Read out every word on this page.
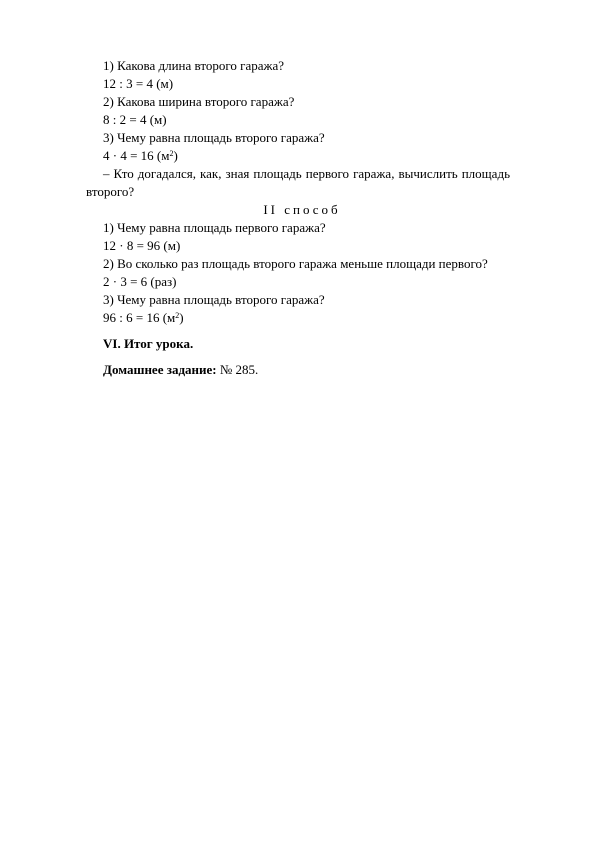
1) Какова длина второго гаража?
12 : 3 = 4 (м)
2) Какова ширина второго гаража?
8 : 2 = 4 (м)
3) Чему равна площадь второго гаража?
4 · 4 = 16 $(м^2)$
– Кто догадался, как, зная площадь первого гаража, вычислить площадь второго?
II способ
1) Чему равна площадь первого гаража?
12 · 8 = 96 (м)
2) Во сколько раз площадь второго гаража меньше площади первого?
2 · 3 = 6 (раз)
3) Чему равна площадь второго гаража?
96 : 6 = 16 $(м^2)$
VI. Итог урока.
Домашнее задание: № 285.
